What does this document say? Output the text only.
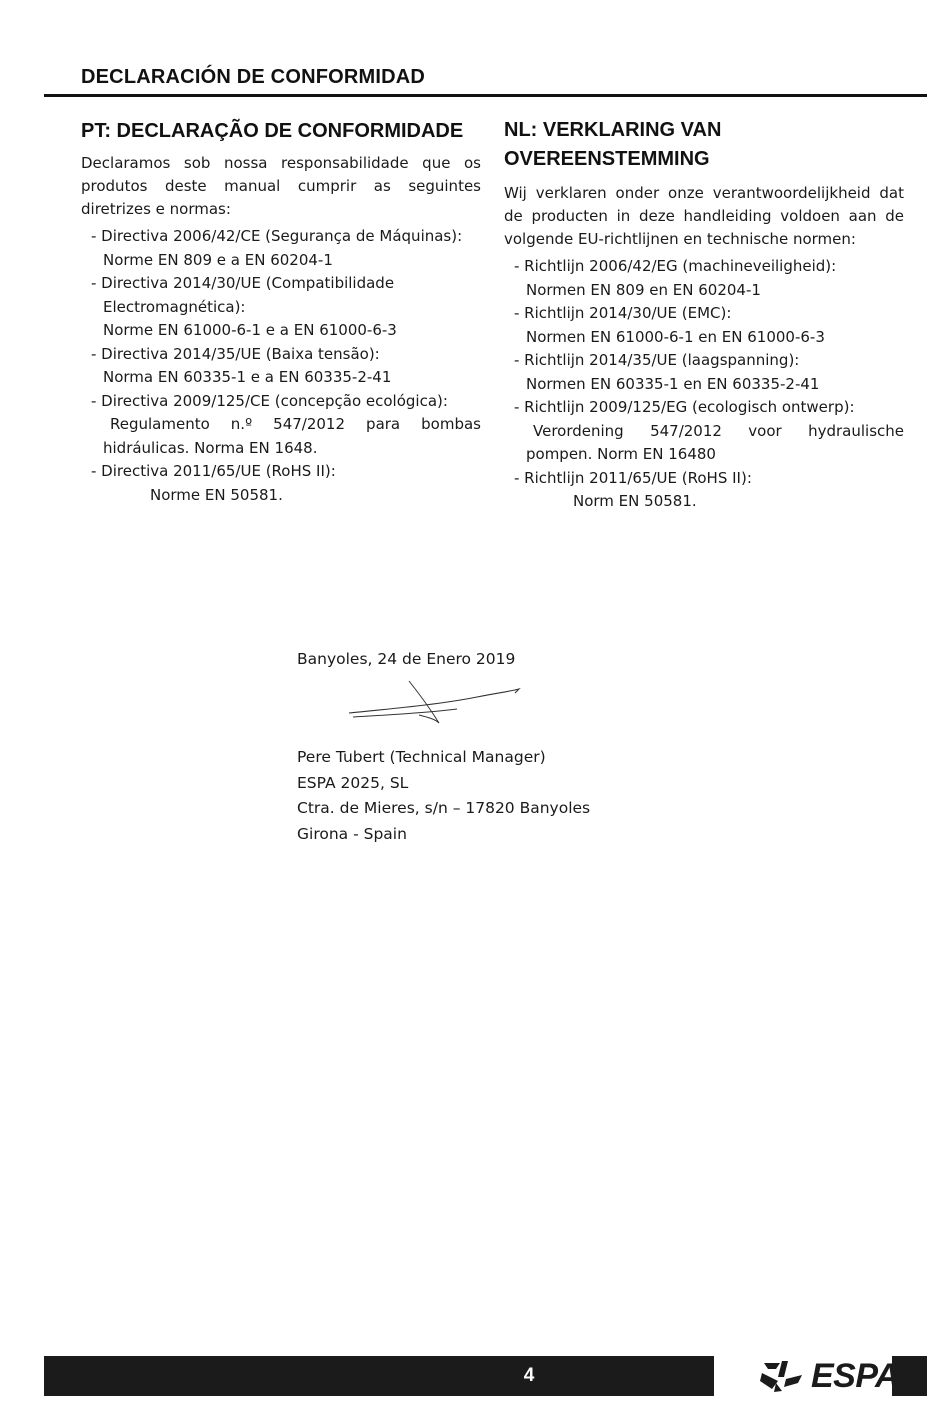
DECLARACIÓN DE CONFORMIDAD
PT: DECLARAÇÃO DE CONFORMIDADE

Declaramos sob nossa responsabilidade que os produtos deste manual cumprir as seguintes diretrizes e normas:

- Directiva 2006/42/CE (Segurança de Máquinas):
Norme EN 809 e a EN 60204-1
- Directiva 2014/30/UE (Compatibilidade
Electromagnética):
Norme EN 61000-6-1 e a EN 61000-6-3
- Directiva 2014/35/UE (Baixa tensão):
Norma EN 60335-1 e a EN 60335-2-41
- Directiva 2009/125/CE (concepção ecológica):
Regulamento n.º 547/2012 para bombas hidráulicas. Norma EN 1648.
- Directiva 2011/65/UE (RoHS II):
Norme EN 50581.
NL: VERKLARING VAN
OVEREENSTEMMING

Wij verklaren onder onze verantwoordelijkheid dat de producten in deze handleiding voldoen aan de volgende EU-richtlijnen en technische normen:

- Richtlijn 2006/42/EG (machineveiligheid):
Normen EN 809 en EN 60204-1
- Richtlijn 2014/30/UE (EMC):
Normen EN 61000-6-1 en EN 61000-6-3
- Richtlijn 2014/35/UE (laagspanning):
Normen EN 60335-1 en EN 60335-2-41
- Richtlijn 2009/125/EG (ecologisch ontwerp):
Verordening 547/2012 voor hydraulische pompen. Norm EN 16480
- Richtlijn 2011/65/UE (RoHS II):
Norm EN 50581.

Banyoles, 24 de Enero 2019

Pere Tubert (Technical Manager)
ESPA 2025, SL
Ctra. de Mieres, s/n – 17820 Banyoles
Girona - Spain
4	ESPA
